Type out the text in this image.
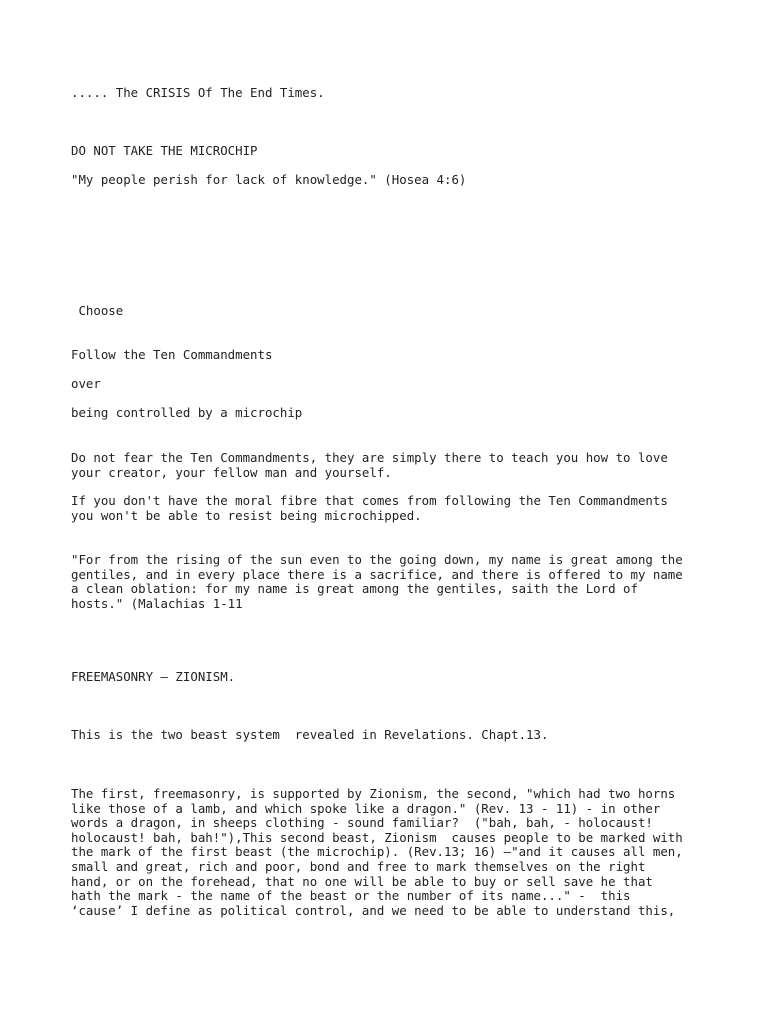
..... The CRISIS Of The End Times.

DO NOT TAKE THE MICROCHIP

"My people perish for lack of knowledge." (Hosea 4:6)

Choose

Follow the Ten Commandments

over

being controlled by a microchip

Do not fear the Ten Commandments, they are simply there to teach you how to love
your creator, your fellow man and yourself.

If you don't have the moral fibre that comes from following the Ten Commandments
you won't be able to resist being microchipped.

"For from the rising of the sun even to the going down, my name is great among the
gentiles, and in every place there is a sacrifice, and there is offered to my name
a clean oblation: for my name is great among the gentiles, saith the Lord of
hosts." (Malachias 1-11

FREEMASONRY – ZIONISM.

This is the two beast system  revealed in Revelations. Chapt.13.

The first, freemasonry, is supported by Zionism, the second, "which had two horns
like those of a lamb, and which spoke like a dragon." (Rev. 13 - 11) - in other
words a dragon, in sheeps clothing - sound familiar?  ("bah, bah, - holocaust!
holocaust! bah, bah!"),This second beast, Zionism  causes people to be marked with
the mark of the first beast (the microchip). (Rev.13; 16) –"and it causes all men,
small and great, rich and poor, bond and free to mark themselves on the right
hand, or on the forehead, that no one will be able to buy or sell save he that
hath the mark - the name of the beast or the number of its name..." -  this
‘cause’ I define as political control, and we need to be able to understand this,
